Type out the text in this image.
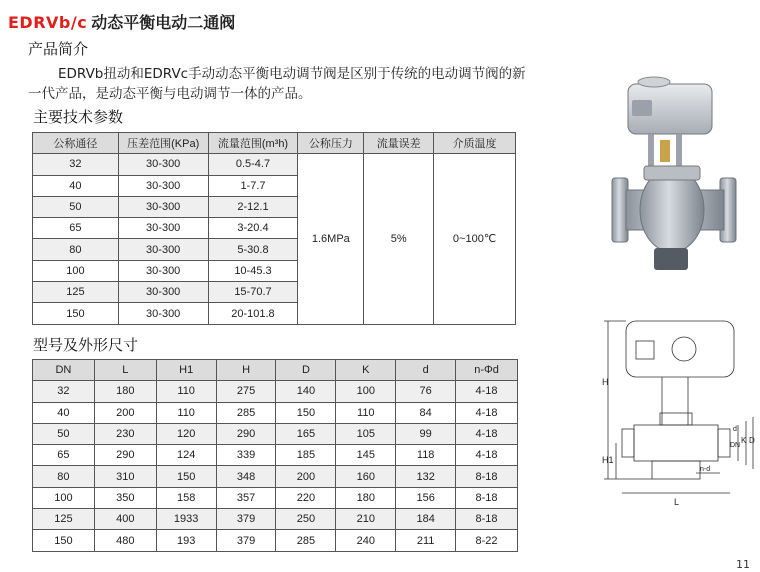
EDRVb/c 动态平衡电动二通阀
产品简介
EDRVb扭动和EDRVc手动动态平衡电动调节阀是区别于传统的电动调节阀的新一代产品，是动态平衡与电动调节一体的产品。
主要技术参数
公称通径	压差范围(KPa)	流量范围(m³h)	公称压力	流量误差	介质温度
32	30-300	0.5-4.7	1.6MPa	5%	0~100℃
40	30-300	1-7.7			
50	30-300	2-12.1			
65	30-300	3-20.4			
80	30-300	5-30.8			
100	30-300	10-45.3			
125	30-300	15-70.7			
150	30-300	20-101.8			
型号及外形尺寸
DN	L	H1	H	D	K	d	n-Φd
32	180	110	275	140	100	76	4-18
40	200	110	285	150	110	84	4-18
50	230	120	290	165	105	99	4-18
65	290	124	339	185	145	118	4-18
80	310	150	348	200	160	132	8-18
100	350	158	357	220	180	156	8-18
125	400	1933	379	250	210	184	8-18
150	480	193	379	285	240	211	8-22
H
H1
L
DN
K D
d
n-d
11
